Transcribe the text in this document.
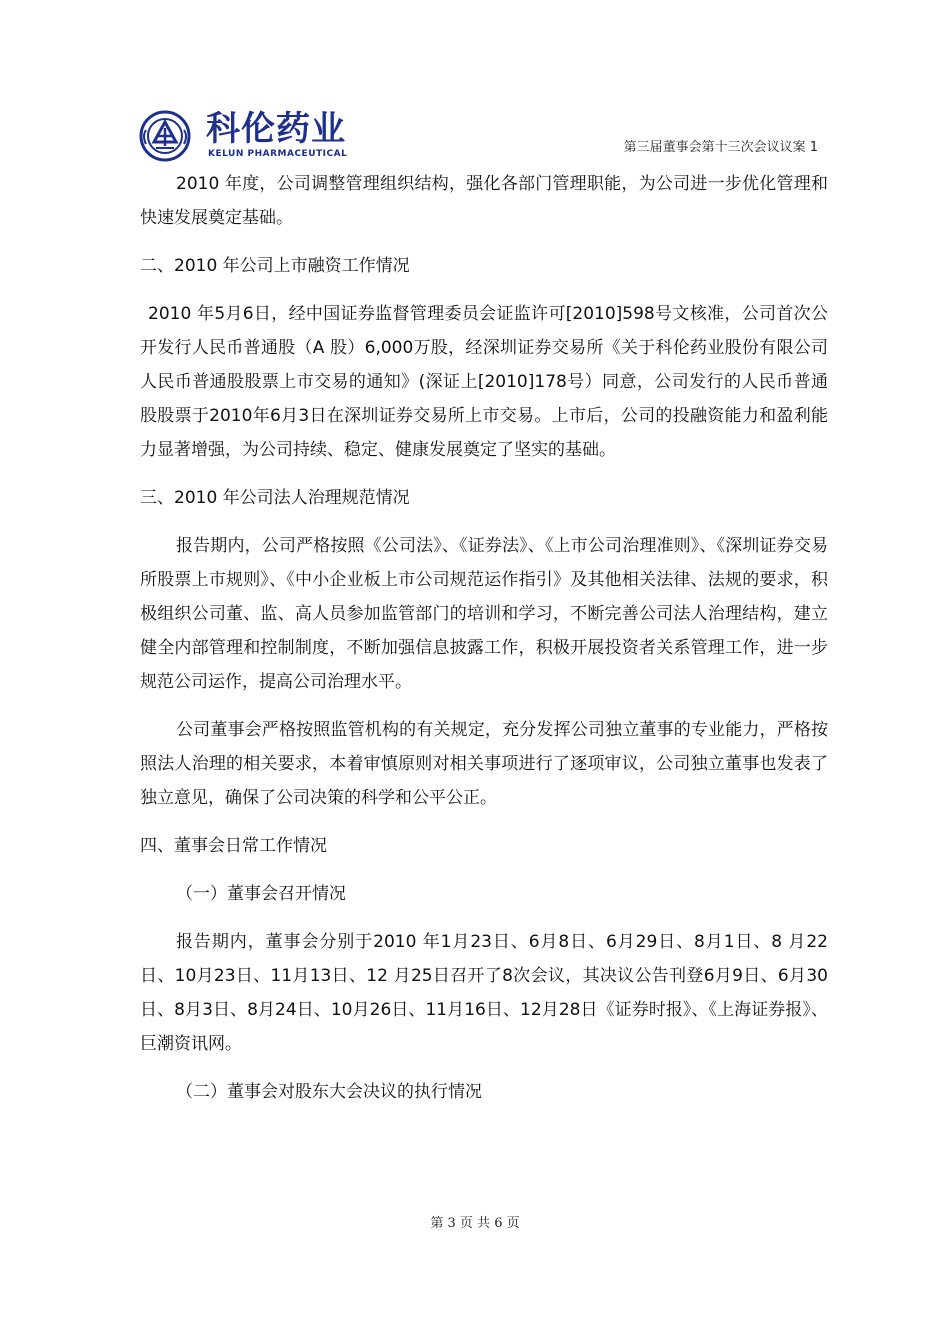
科伦药业
KELUN PHARMACEUTICAL	第三届董事会第十三次会议议案 1

2010 年度，公司调整管理组织结构，强化各部门管理职能，为公司进一步优化管理和快速发展奠定基础。

二、2010 年公司上市融资工作情况

2010 年5月6日，经中国证券监督管理委员会证监许可[2010]598号文核准，公司首次公开发行人民币普通股（A 股）6,000万股，经深圳证券交易所《关于科伦药业股份有限公司人民币普通股股票上市交易的通知》(深证上[2010]178号）同意，公司发行的人民币普通股股票于2010年6月3日在深圳证券交易所上市交易。上市后，公司的投融资能力和盈利能力显著增强，为公司持续、稳定、健康发展奠定了坚实的基础。

三、2010 年公司法人治理规范情况

报告期内，公司严格按照《公司法》、《证券法》、《上市公司治理准则》、《深圳证券交易所股票上市规则》、《中小企业板上市公司规范运作指引》及其他相关法律、法规的要求，积极组织公司董、监、高人员参加监管部门的培训和学习，不断完善公司法人治理结构，建立健全内部管理和控制制度，不断加强信息披露工作，积极开展投资者关系管理工作，进一步规范公司运作，提高公司治理水平。

公司董事会严格按照监管机构的有关规定，充分发挥公司独立董事的专业能力，严格按照法人治理的相关要求，本着审慎原则对相关事项进行了逐项审议，公司独立董事也发表了独立意见，确保了公司决策的科学和公平公正。

四、董事会日常工作情况

（一）董事会召开情况

报告期内，董事会分别于2010 年1月23日、6月8日、6月29日、8月1日、8 月22日、10月23日、11月13日、12 月25日召开了8次会议，其决议公告刊登6月9日、6月30日、8月3日、8月24日、10月26日、11月16日、12月28日《证券时报》、《上海证券报》、巨潮资讯网。

（二）董事会对股东大会决议的执行情况

第 3 页 共 6 页
